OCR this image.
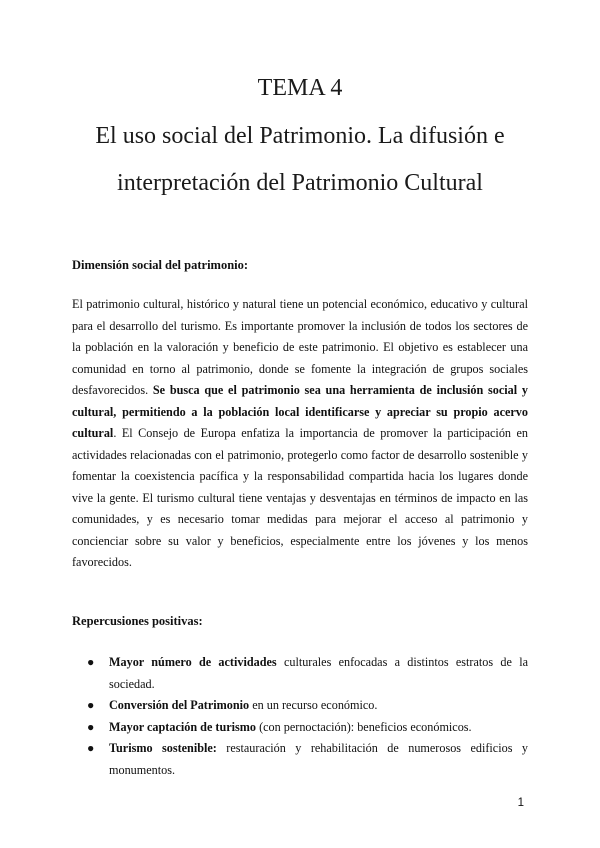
TEMA 4
El uso social del Patrimonio. La difusión e
interpretación del Patrimonio Cultural
Dimensión social del patrimonio:

El patrimonio cultural, histórico y natural tiene un potencial económico, educativo y cultural para el desarrollo del turismo. Es importante promover la inclusión de todos los sectores de la población en la valoración y beneficio de este patrimonio. El objetivo es establecer una comunidad en torno al patrimonio, donde se fomente la integración de grupos sociales desfavorecidos. Se busca que el patrimonio sea una herramienta de inclusión social y cultural, permitiendo a la población local identificarse y apreciar su propio acervo cultural. El Consejo de Europa enfatiza la importancia de promover la participación en actividades relacionadas con el patrimonio, protegerlo como factor de desarrollo sostenible y fomentar la coexistencia pacífica y la responsabilidad compartida hacia los lugares donde vive la gente. El turismo cultural tiene ventajas y desventajas en términos de impacto en las comunidades, y es necesario tomar medidas para mejorar el acceso al patrimonio y concienciar sobre su valor y beneficios, especialmente entre los jóvenes y los menos favorecidos.

Repercusiones positivas:
● Mayor número de actividades culturales enfocadas a distintos estratos de la sociedad.
● Conversión del Patrimonio en un recurso económico.
● Mayor captación de turismo (con pernoctación): beneficios económicos.
● Turismo sostenible: restauración y rehabilitación de numerosos edificios y monumentos.
1
